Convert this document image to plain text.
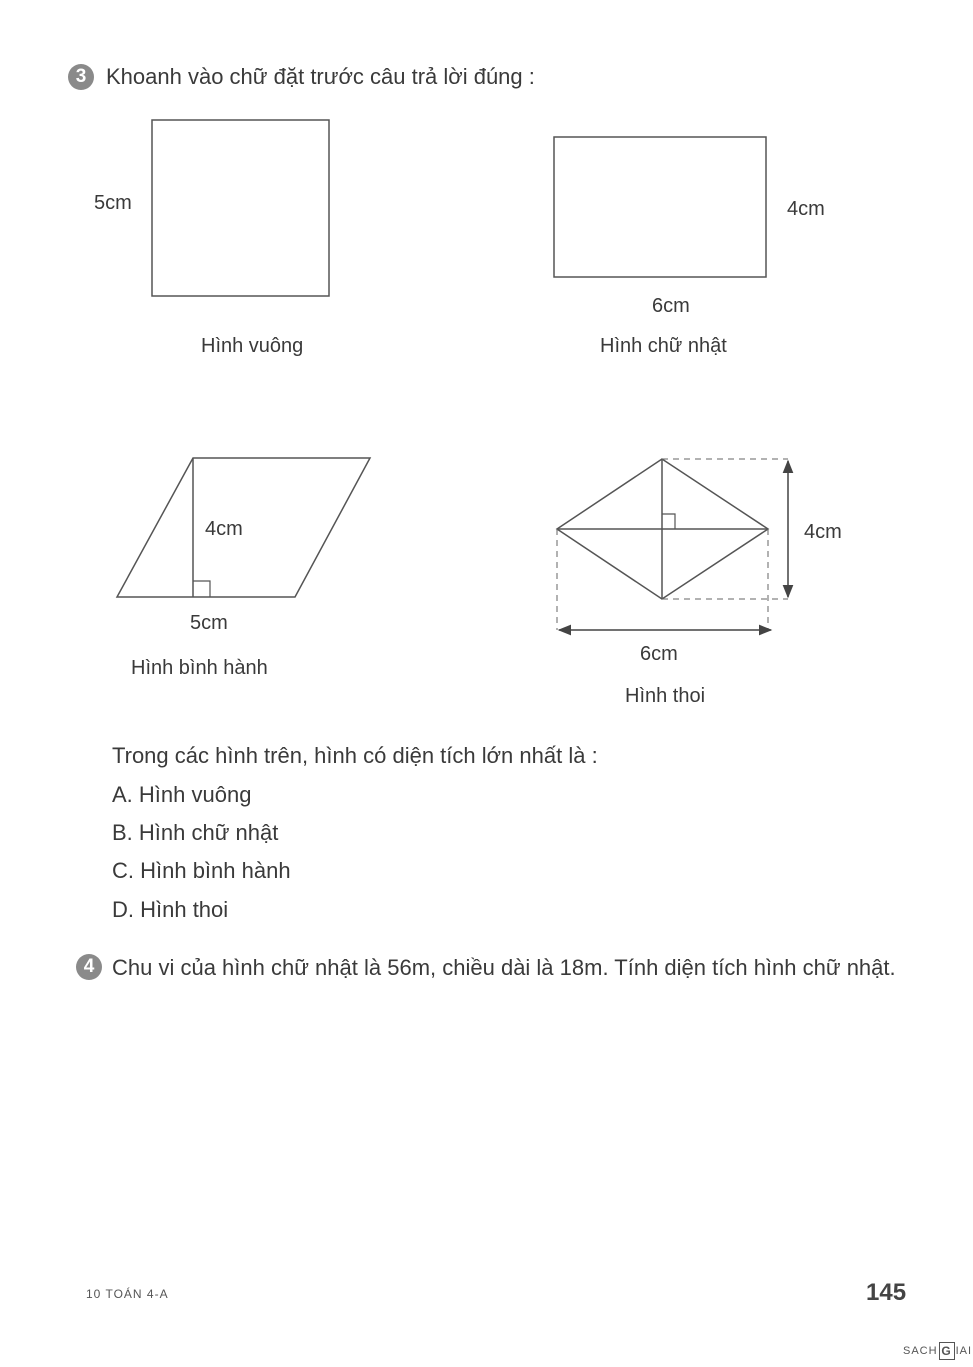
3 Khoanh vào chữ đặt trước câu trả lời đúng :
5cm
Hình vuông
4cm
6cm
Hình chữ nhật
4cm
5cm
Hình bình hành
4cm
6cm
Hình thoi
Trong các hình trên, hình có diện tích lớn nhất là :
A. Hình vuông
B. Hình chữ nhật
C. Hình bình hành
D. Hình thoi
4 Chu vi của hình chữ nhật là 56m, chiều dài là 18m. Tính diện tích hình chữ nhật.
10 TOÁN 4-A	145
SACH G IAI
